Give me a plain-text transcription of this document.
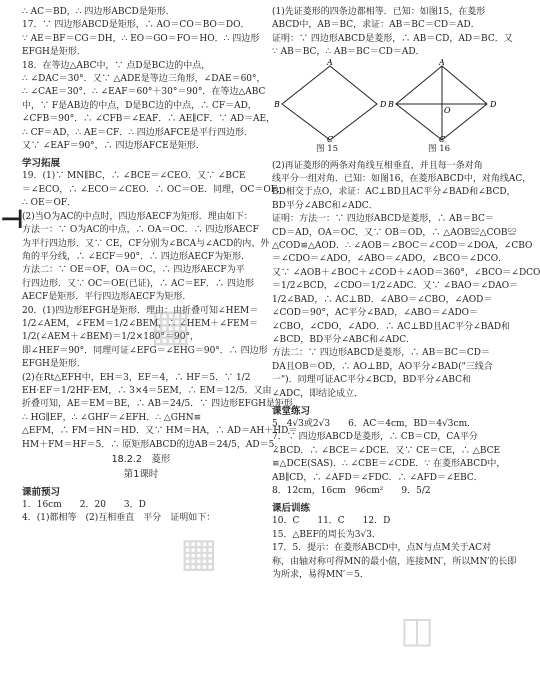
∴ AC＝BD，∴ 四边形ABCD是矩形．
17．∵ 四边形ABCD是矩形，∴ AO＝CO＝BO＝DO．
∵ AE＝BF＝CG＝DH，∴ EO＝GO＝FO＝HO．∴ 四边形
EFGH是矩形．
18．在等边△ABC中，∵ 点D是BC边的中点，
∴ ∠DAC＝30°．又∵ △ADE是等边三角形，∠DAE＝60°，
∴ ∠CAE＝30°．∴ ∠EAF＝60°＋30°＝90°．在等边△ABC
中，∵ F是AB边的中点，D是BC边的中点，∴ CF＝AD，
∠CFB＝90°．∴ ∠CFB＝∠EAF．∴ AE∥CF．∵ AD＝AE，
∴ CF＝AD，∴ AE＝CF．∴ 四边形AFCE是平行四边形．
又∵ ∠EAF＝90°，∴ 四边形AFCE是矩形．
学习拓展
19．(1)∵ MN∥BC，∴ ∠BCE＝∠CEO．又∵ ∠BCE
＝∠ECO，∴ ∠ECO＝∠CEO．∴ OC＝OE．同理，OC＝OF．
∴ OE＝OF．
(2)当O为AC的中点时，四边形AECF为矩形．理由如下：
方法一：∵ O为AC的中点，∴ OA＝OC．∴ 四边形AECF
为平行四边形．又∵ CE，CF分别为∠BCA与∠ACD的内、外
角的平分线，∴ ∠ECF＝90°．∴ 四边形AECF为矩形．
方法二：∵ OE＝OF，OA＝OC，∴ 四边形AECF为平
行四边形．又∵ OC＝OE(已证)，∴ AC＝EF．∴ 四边形
AECF是矩形．平行四边形AECF为矩形．
20．(1)四边形EFGH是矩形．理由：由折叠可知∠HEM＝
1/2∠AEM，∠FEM＝1/2∠BEM，∴ ∠HEM＋∠FEM＝
1/2(∠AEM＋∠BEM)＝1/2×180°＝90°，
即∠HEF＝90°．同理可证∠EFG＝∠EHG＝90°．∴ 四边形
EFGH是矩形．
(2)在Rt△EFH中，EH＝3，EF＝4，∴ HF＝5．∵ 1/2
EH·EF＝1/2HF·EM，∴ 3×4＝5EM，∴ EM＝12/5．又由
折叠可知，AE＝EM＝BE，∴ AB＝24/5．∵ 四边形EFGH是矩形，
∴ HG∥EF，∴ ∠GHF＝∠EFH．∴ △GHN≌
△EFM，∴ FM＝HN＝HD．又∵ HM＝HA，∴ AD＝AH＋HD＝
HM＋FM＝HF＝5．∴ 原矩形ABCD的边AB＝24/5，AD＝5．
18.2.2　菱形
第1课时
课前预习
1．16cm　　2．20　　3．D
4．(1)都相等　(2)互相垂直　平分　证明如下：
(1)先证菱形的四条边都相等．已知：如图15，在菱形
ABCD中，AB＝BC，求证：AB＝BC＝CD＝AD．
证明：∵ 四边形ABCD是菱形，∴ AB＝CD，AD＝BC．又
∵ AB＝BC，∴ AB＝BC＝CD＝AD．
A
B
C
D
A
B
O
C
D
图 15	图 16
(2)再证菱形的两条对角线互相垂直，并且每一条对角
线平分一组对角．已知：如图16，在菱形ABCD中，对角线AC，
BD相交于点O，求证：AC⊥BD且AC平分∠BAD和∠BCD，
BD平分∠ABC和∠ADC．
证明：方法一：∵ 四边形ABCD是菱形，∴ AB＝BC＝
CD＝AD，OA＝OC．又∵ OB＝OD，∴ △AOB≌△COB≌
△COD≌△AOD．∴ ∠AOB＝∠BOC＝∠COD＝∠DOA，∠CBO
＝∠CDO＝∠ADO，∠ABO＝∠ADO，∠BCO＝∠DCO．
又∵ ∠AOB＋∠BOC＋∠COD＋∠AOD＝360°，∠BCO＝∠DCO
＝1/2∠BCD，∠CDO＝1/2∠ADC．又∵ ∠BAO＝∠DAO＝
1/2∠BAD，∴ AC⊥BD．∠ABO＝∠CBO，∠AOD＝
∠COD＝90°，AC平分∠BAD，∠ABO＝∠ADO＝
∠CBO，∠CDO，∠ADO．∴ AC⊥BD且AC平分∠BAD和
∠BCD，BD平分∠ABC和∠ADC．
方法二：∵ 四边形ABCD是菱形，∴ AB＝BC＝CD＝
DA且OB＝OD，∴ AO⊥BD，AO平分∠BAD("三线合
一")．同理可证AC平分∠BCD，BD平分∠ABC和
∠ADC，即结论成立．
课堂练习
5．4√3或2√3　　6．AC＝4cm，BD＝4√3cm．
7．∵ 四边形ABCD是菱形，∴ CB＝CD，CA平分
∠BCD．∴ ∠BCE＝∠DCE．又∵ CE＝CE，∴ △BCE
≌△DCE(SAS)．∴ ∠CBE＝∠CDE．∵ 在菱形ABCD中，
AB∥CD，∴ ∠AFD＝∠FDC．∴ ∠AFD＝∠EBC．
8．12cm，16cm　96cm²　　9．5/2
课后训练
10．C　　11．C　　12．D
15．△BEF的周长为3√3．
17．5．提示：在菱形ABCD中，点N与点M关于AC对
称，由轴对称可得MN的最小值，连接MN′，所以MN′的长即
为所求，易得MN′＝5．
⊣
▦
▦
◫
